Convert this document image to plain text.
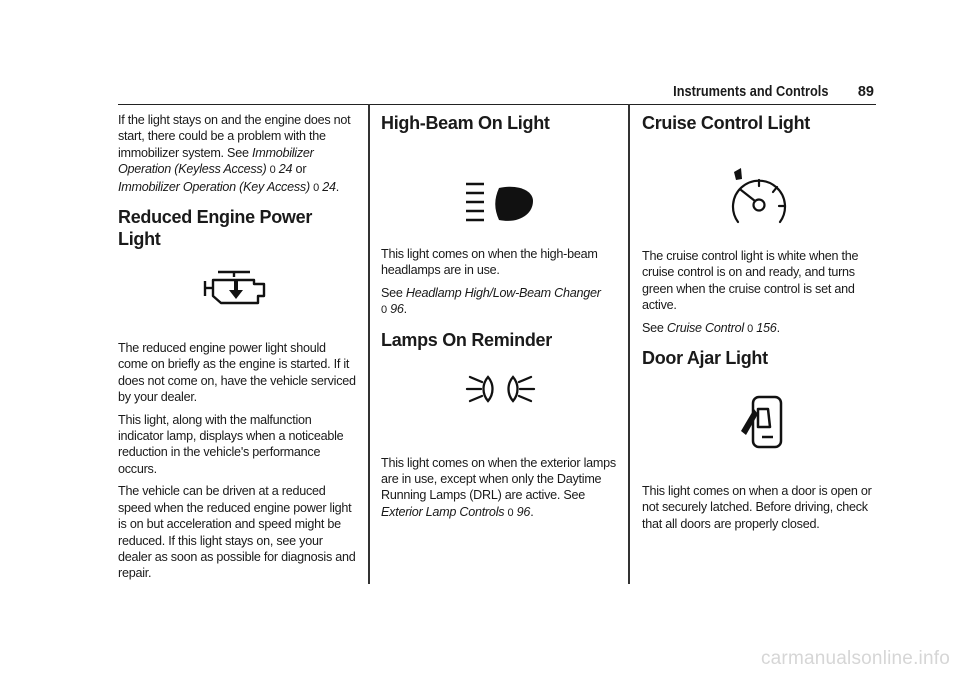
Instruments and Controls 89

If the light stays on and the engine does not start, there could be a problem with the immobilizer system. See Immobilizer Operation (Keyless Access) 0 24 or Immobilizer Operation (Key Access) 0 24.

Reduced Engine Power Light

The reduced engine power light should come on briefly as the engine is started. If it does not come on, have the vehicle serviced by your dealer.

This light, along with the malfunction indicator lamp, displays when a noticeable reduction in the vehicle's performance occurs.

The vehicle can be driven at a reduced speed when the reduced engine power light is on but acceleration and speed might be reduced. If this light stays on, see your dealer as soon as possible for diagnosis and repair.

High-Beam On Light

This light comes on when the high-beam headlamps are in use.

See Headlamp High/Low-Beam Changer
0 96.

Lamps On Reminder

This light comes on when the exterior lamps are in use, except when only the Daytime Running Lamps (DRL) are active. See Exterior Lamp Controls 0 96.

Cruise Control Light

The cruise control light is white when the cruise control is on and ready, and turns green when the cruise control is set and active.

See Cruise Control 0 156.

Door Ajar Light

This light comes on when a door is open or not securely latched. Before driving, check that all doors are properly closed.

carmanualsonline.info
